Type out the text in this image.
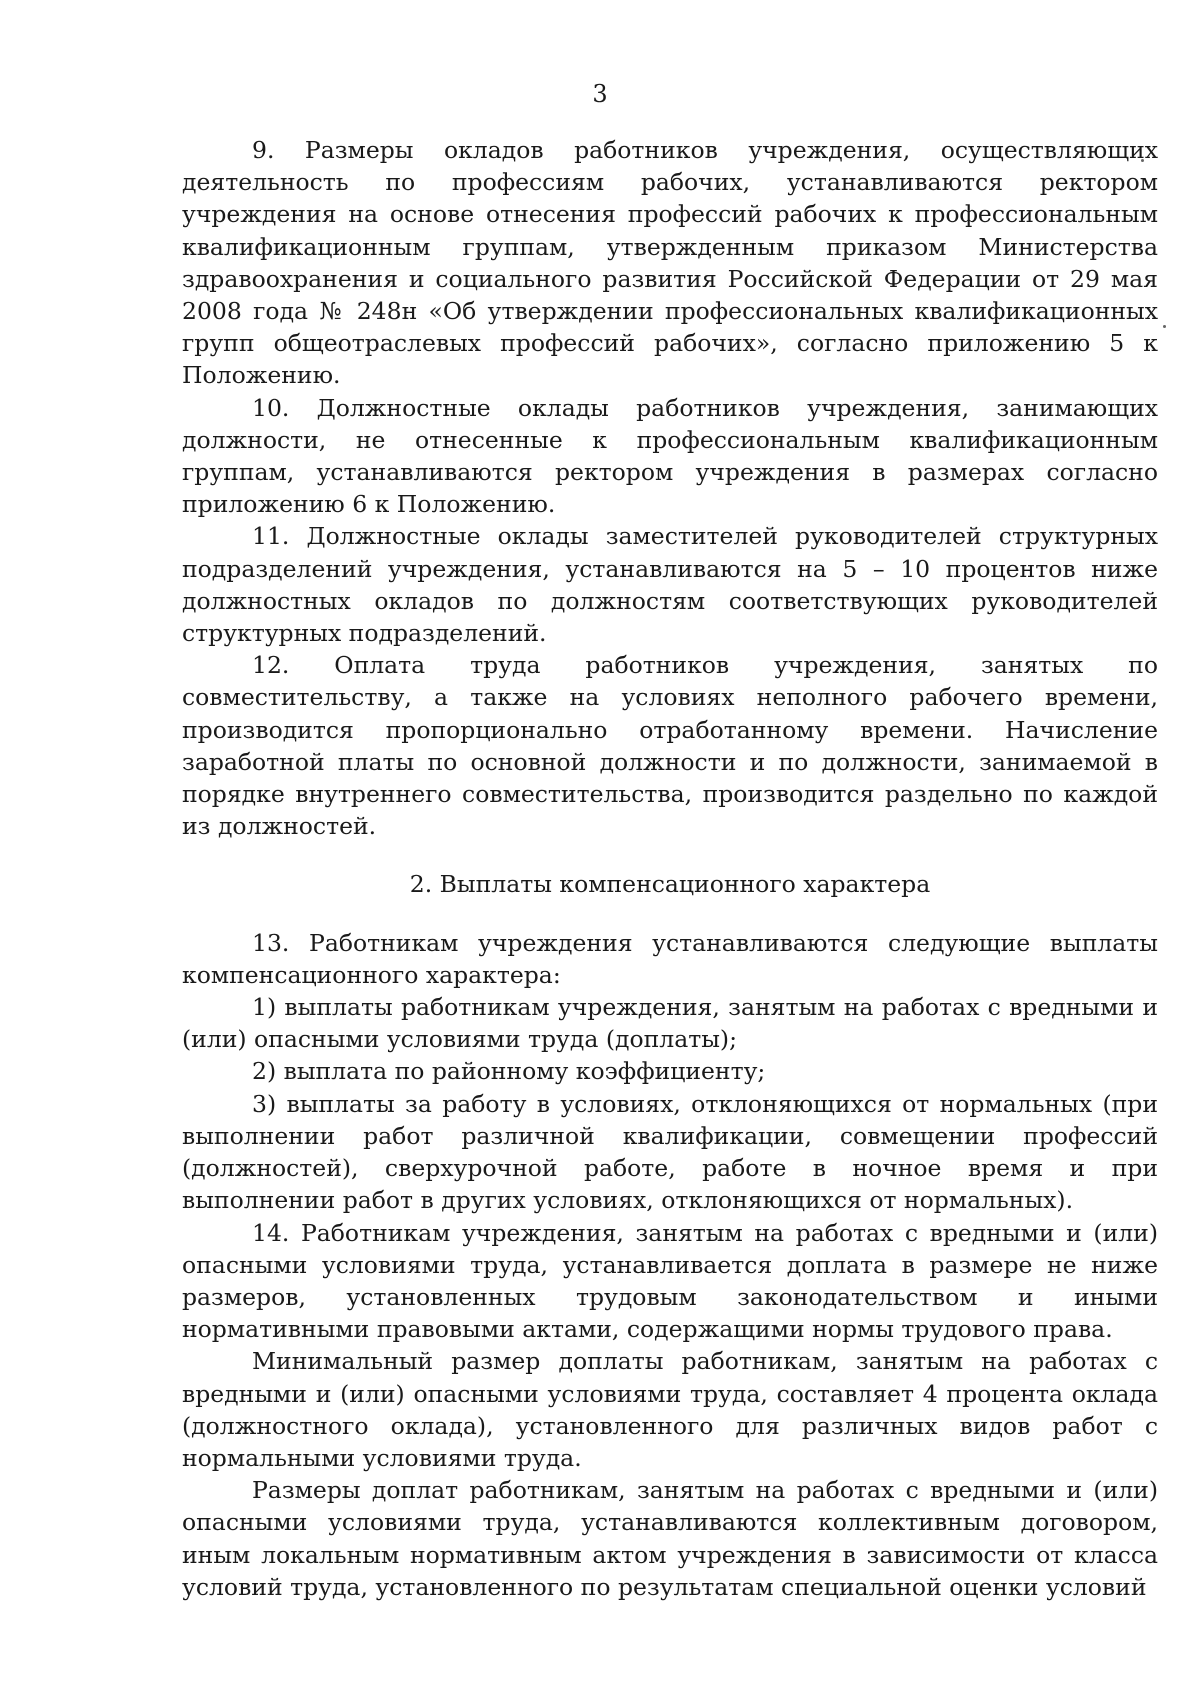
3

9. Размеры окладов работников учреждения, осуществляющих деятельность по профессиям рабочих, устанавливаются ректором учреждения на основе отнесения профессий рабочих к профессиональным квалификационным группам, утвержденным приказом Министерства здравоохранения и социального развития Российской Федерации от 29 мая 2008 года № 248н «Об утверждении профессиональных квалификационных групп общеотраслевых профессий рабочих», согласно приложению 5 к Положению.

10. Должностные оклады работников учреждения, занимающих должности, не отнесенные к профессиональным квалификационным группам, устанавливаются ректором учреждения в размерах согласно приложению 6 к Положению.

11. Должностные оклады заместителей руководителей структурных подразделений учреждения, устанавливаются на 5 – 10 процентов ниже должностных окладов по должностям соответствующих руководителей структурных подразделений.

12. Оплата труда работников учреждения, занятых по совместительству, а также на условиях неполного рабочего времени, производится пропорционально отработанному времени. Начисление заработной платы по основной должности и по должности, занимаемой в порядке внутреннего совместительства, производится раздельно по каждой из должностей.

2. Выплаты компенсационного характера

13. Работникам учреждения устанавливаются следующие выплаты компенсационного характера:

1) выплаты работникам учреждения, занятым на работах с вредными и (или) опасными условиями труда (доплаты);

2) выплата по районному коэффициенту;

3) выплаты за работу в условиях, отклоняющихся от нормальных (при выполнении работ различной квалификации, совмещении профессий (должностей), сверхурочной работе, работе в ночное время и при выполнении работ в других условиях, отклоняющихся от нормальных).

14. Работникам учреждения, занятым на работах с вредными и (или) опасными условиями труда, устанавливается доплата в размере не ниже размеров, установленных трудовым законодательством и иными нормативными правовыми актами, содержащими нормы трудового права.

Минимальный размер доплаты работникам, занятым на работах с вредными и (или) опасными условиями труда, составляет 4 процента оклада (должностного оклада), установленного для различных видов работ с нормальными условиями труда.

Размеры доплат работникам, занятым на работах с вредными и (или) опасными условиями труда, устанавливаются коллективным договором, иным локальным нормативным актом учреждения в зависимости от класса условий труда, установленного по результатам специальной оценки условий
